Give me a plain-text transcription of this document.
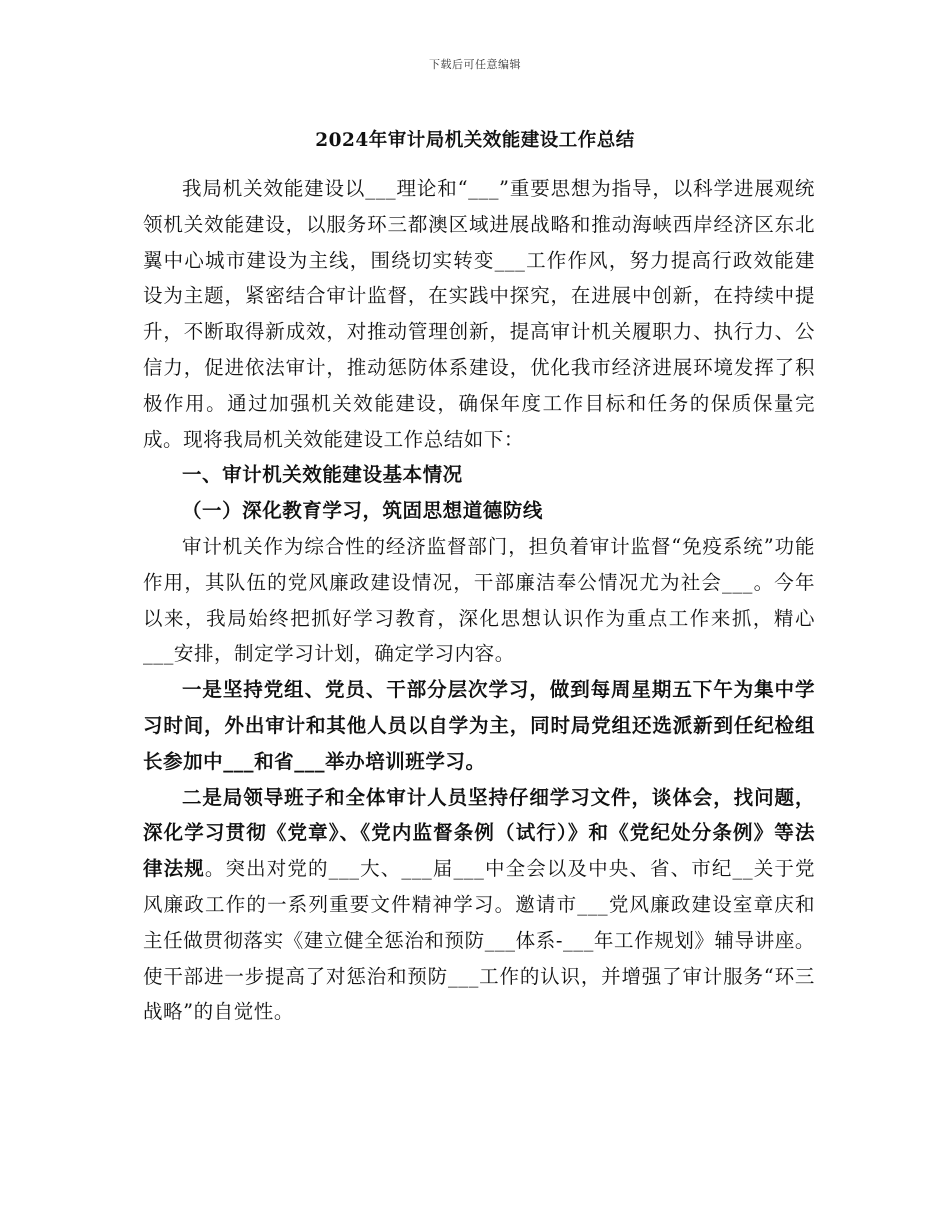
下载后可任意编辑
2024年审计局机关效能建设工作总结

我局机关效能建设以___理论和“___”重要思想为指导，以科学进展观统领机关效能建设，以服务环三都澳区域进展战略和推动海峡西岸经济区东北翼中心城市建设为主线，围绕切实转变___工作作风，努力提高行政效能建设为主题，紧密结合审计监督，在实践中探究，在进展中创新，在持续中提升，不断取得新成效，对推动管理创新，提高审计机关履职力、执行力、公信力，促进依法审计，推动惩防体系建设，优化我市经济进展环境发挥了积极作用。通过加强机关效能建设，确保年度工作目标和任务的保质保量完成。现将我局机关效能建设工作总结如下：

一、审计机关效能建设基本情况

（一）深化教育学习，筑固思想道德防线

审计机关作为综合性的经济监督部门，担负着审计监督“免疫系统”功能作用，其队伍的党风廉政建设情况，干部廉洁奉公情况尤为社会___。今年以来，我局始终把抓好学习教育，深化思想认识作为重点工作来抓，精心___安排，制定学习计划，确定学习内容。

一是坚持党组、党员、干部分层次学习，做到每周星期五下午为集中学习时间，外出审计和其他人员以自学为主，同时局党组还选派新到任纪检组长参加中___和省___举办培训班学习。

二是局领导班子和全体审计人员坚持仔细学习文件，谈体会，找问题，深化学习贯彻《党章》、《党内监督条例（试行）》和《党纪处分条例》等法律法规。突出对党的___大、___届___中全会以及中央、省、市纪__关于党风廉政工作的一系列重要文件精神学习。邀请市___党风廉政建设室章庆和主任做贯彻落实《建立健全惩治和预防___体系-___年工作规划》辅导讲座。使干部进一步提高了对惩治和预防___工作的认识，并增强了审计服务“环三战略”的自觉性。
